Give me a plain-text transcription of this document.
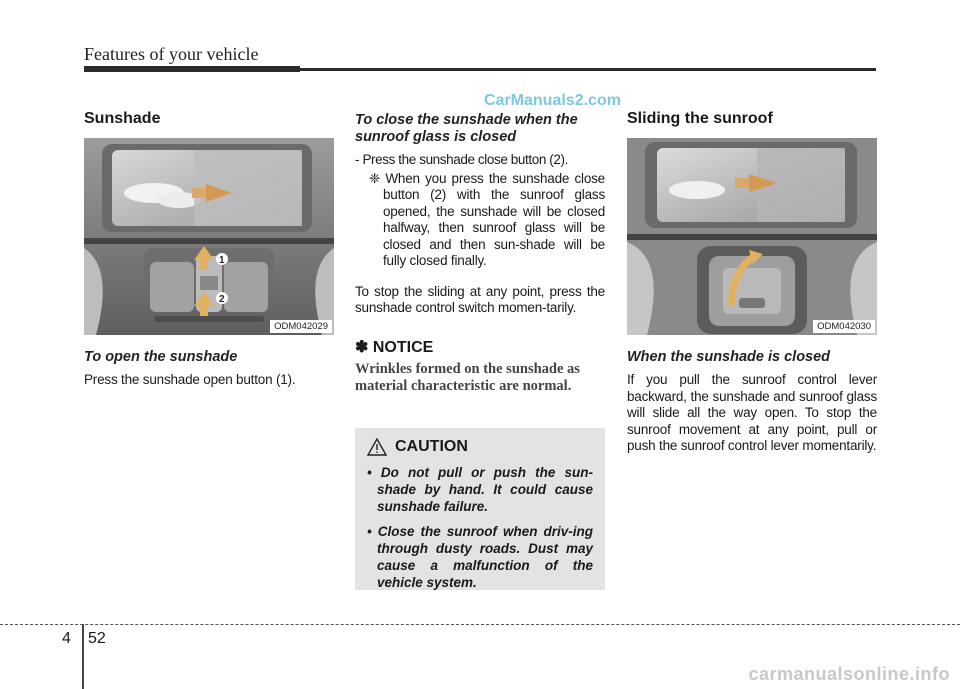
Features of your vehicle
CarManuals2.com
Sunshade
1
2
ODM042029
To open the sunshade

Press the sunshade open button (1).

To close the sunshade when the sunroof glass is closed
- Press the sunshade close button (2).
❈ When you press the sunshade close button (2) with the sunroof glass opened, the sunshade will be closed halfway, then sunroof glass will be closed and then sun-shade will be fully closed finally.

To stop the sliding at any point, press the sunshade control switch momen-tarily.

✽ NOTICE
Wrinkles formed on the sunshade as material characteristic are normal.
CAUTION
• Do not pull or push the sun-shade by hand. It could cause sunshade failure.
• Close the sunroof when driv-ing through dusty roads. Dust may cause a malfunction of the vehicle system.
Sliding the sunroof
ODM042030
When the sunshade is closed

If you pull the sunroof control lever backward, the sunshade and sunroof glass will slide all the way open. To stop the sunroof movement at any point, pull or push the sunroof control lever momentarily.

4 52
carmanualsonline.info
